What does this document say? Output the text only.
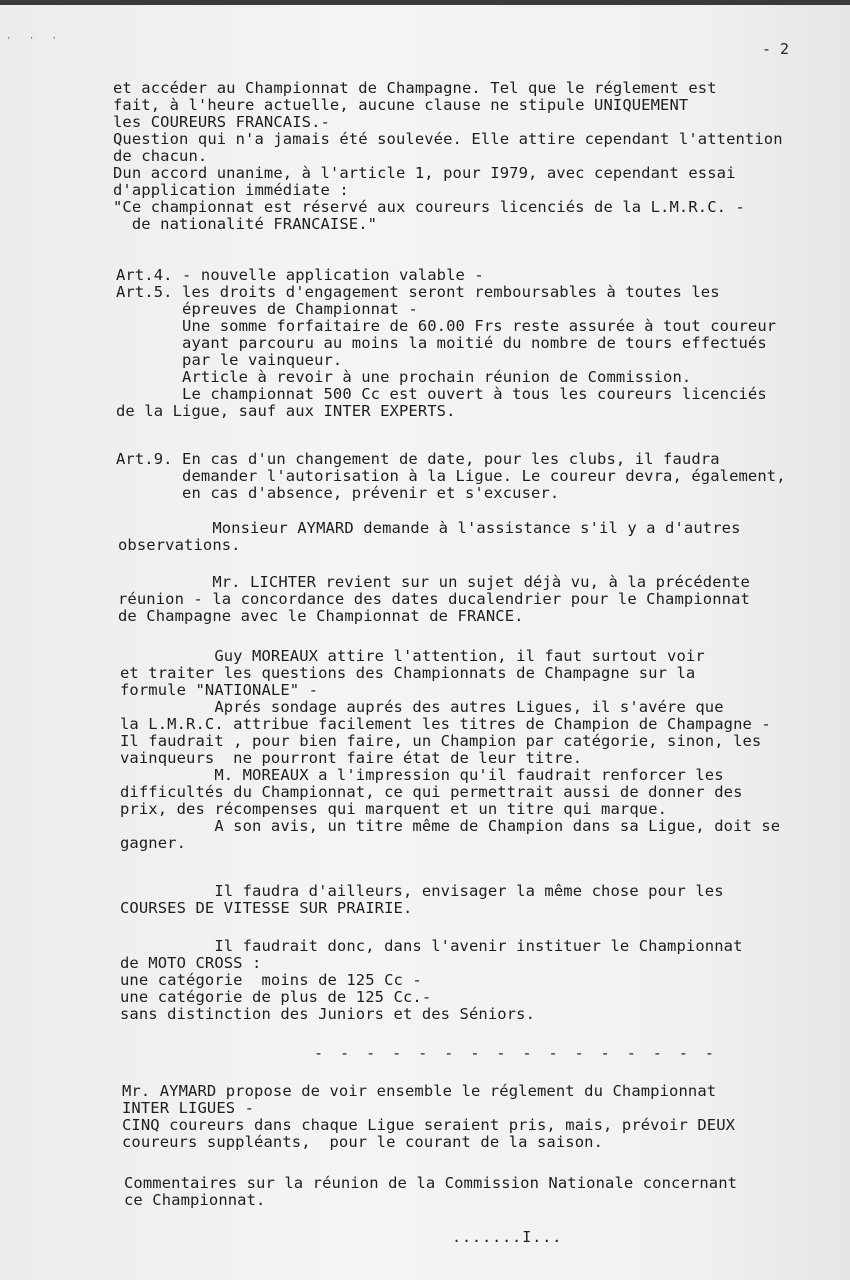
· · ·
- 2
et accéder au Championnat de Champagne. Tel que le réglement est
fait, à l'heure actuelle, aucune clause ne stipule UNIQUEMENT
les COUREURS FRANCAIS.-
Question qui n'a jamais été soulevée. Elle attire cependant l'attention
de chacun.
Dun accord unanime, à l'article 1, pour I979, avec cependant essai
d'application immédiate :
"Ce championnat est réservé aux coureurs licenciés de la L.M.R.C. -
de nationalité FRANCAISE."
Art.4. - nouvelle application valable -
Art.5. les droits d'engagement seront remboursables à toutes les
épreuves de Championnat -
Une somme forfaitaire de 60.00 Frs reste assurée à tout coureur
ayant parcouru au moins la moitié du nombre de tours effectués
par le vainqueur.
Article à revoir à une prochain réunion de Commission.
Le championnat 500 Cc est ouvert à tous les coureurs licenciés
de la Ligue, sauf aux INTER EXPERTS.
Art.9. En cas d'un changement de date, pour les clubs, il faudra
demander l'autorisation à la Ligue. Le coureur devra, également,
en cas d'absence, prévenir et s'excuser.
Monsieur AYMARD demande à l'assistance s'il y a d'autres
observations.
Mr. LICHTER revient sur un sujet déjà vu, à la précédente
réunion - la concordance des dates ducalendrier pour le Championnat
de Champagne avec le Championnat de FRANCE.
Guy MOREAUX attire l'attention, il faut surtout voir
et traiter les questions des Championnats de Champagne sur la
formule "NATIONALE" -
Aprés sondage auprés des autres Ligues, il s'avére que
la L.M.R.C. attribue facilement les titres de Champion de Champagne -
Il faudrait , pour bien faire, un Champion par catégorie, sinon, les
vainqueurs  ne pourront faire état de leur titre.
M. MOREAUX a l'impression qu'il faudrait renforcer les
difficultés du Championnat, ce qui permettrait aussi de donner des
prix, des récompenses qui marquent et un titre qui marque.
A son avis, un titre même de Champion dans sa Ligue, doit se
gagner.
Il faudra d'ailleurs, envisager la même chose pour les
COURSES DE VITESSE SUR PRAIRIE.
Il faudrait donc, dans l'avenir instituer le Championnat
de MOTO CROSS :
une catégorie  moins de 125 Cc -
une catégorie de plus de 125 Cc.-
sans distinction des Juniors et des Séniors.
- - - - - - - - - - - - - - - -
Mr. AYMARD propose de voir ensemble le réglement du Championnat
INTER LIGUES -
CINQ coureurs dans chaque Ligue seraient pris, mais, prévoir DEUX
coureurs suppléants,  pour le courant de la saison.
Commentaires sur la réunion de la Commission Nationale concernant
ce Championnat.
.......I...
